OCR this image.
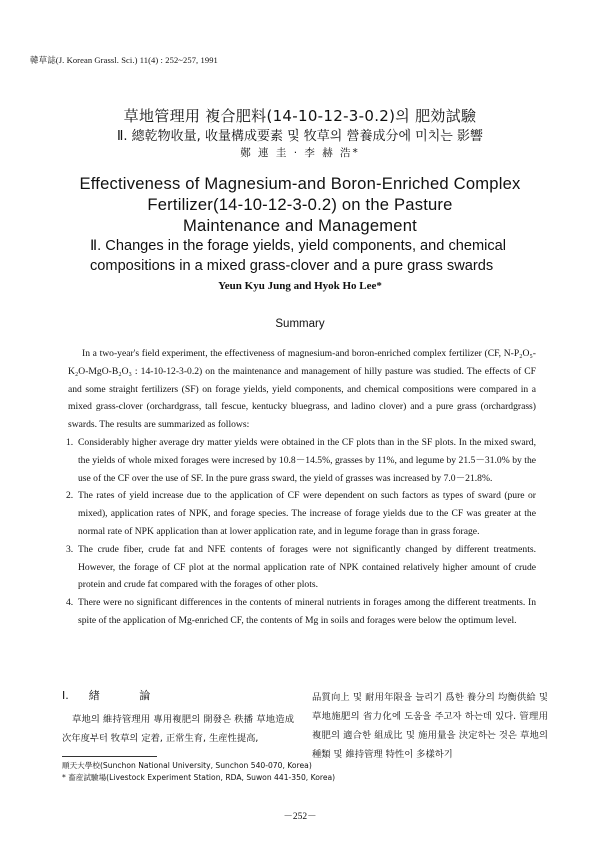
韓草誌(J. Korean Grassl. Sci.) 11(4) : 252~257, 1991
草地管理用 複合肥料(14-10-12-3-0.2)의 肥効試驗
Ⅱ. 總乾物收量, 收量構成要素 및 牧草의 營養成分에 미치는 影響
鄭 連 圭 · 李 赫 浩*
Effectiveness of Magnesium-and Boron-Enriched Complex
Fertilizer(14-10-12-3-0.2) on the Pasture
Maintenance and Management
Ⅱ. Changes in the forage yields, yield components, and chemical
compositions in a mixed grass-clover and a pure grass swards
Yeun Kyu Jung and Hyok Ho Lee*
Summary

In a two-year's field experiment, the effectiveness of magnesium-and boron-enriched complex fertilizer (CF, N-P₂O₅-K₂O-MgO-B₂O₃ : 14-10-12-3-0.2) on the maintenance and management of hilly pasture was studied. The effects of CF and some straight fertilizers (SF) on forage yields, yield components, and chemical compositions were compared in a mixed grass-clover (orchardgrass, tall fescue, kentucky bluegrass, and ladino clover) and a pure grass (orchardgrass) swards. The results are summarized as follows:

1. Considerably higher average dry matter yields were obtained in the CF plots than in the SF plots. In the mixed sward, the yields of whole mixed forages were incresed by 10.8－14.5%, grasses by 11%, and legume by 21.5－31.0% by the use of the CF over the use of SF. In the pure grass sward, the yield of grasses was increased by 7.0－21.8%.
2. The rates of yield increase due to the application of CF were dependent on such factors as types of sward (pure or mixed), application rates of NPK, and forage species. The increase of forage yields due to the CF was greater at the normal rate of NPK application than at lower application rate, and in legume forage than in grass forage.
3. The crude fiber, crude fat and NFE contents of forages were not significantly changed by different treatments. However, the forage of CF plot at the normal application rate of NPK contained relatively higher amount of crude protein and crude fat compared with the forages of other plots.
4. There were no significant differences in the contents of mineral nutrients in forages among the different treatments. In spite of the application of Mg-enriched CF, the contents of Mg in soils and forages were below the optimum level.
Ⅰ. 緖 論

草地의 維持管理用 專用複肥의 開發은 秩播 草地造成 次年度부터 牧草의 定着, 正常生育, 生産性提高,

品質向上 및 耐用年限을 늘리기 爲한 養分의 均衡供給 및 草地施肥의 省力化에 도움을 주고자 하는데 있다. 管理用 複肥의 適合한 組成比 및 施用量을 決定하는 것은 草地의 種類 및 維持管理 特性이 多樣하기

順天大學校(Sunchon National University, Sunchon 540-070, Korea)
* 畜産試驗場(Livestock Experiment Station, RDA, Suwon 441-350, Korea)
－252－
